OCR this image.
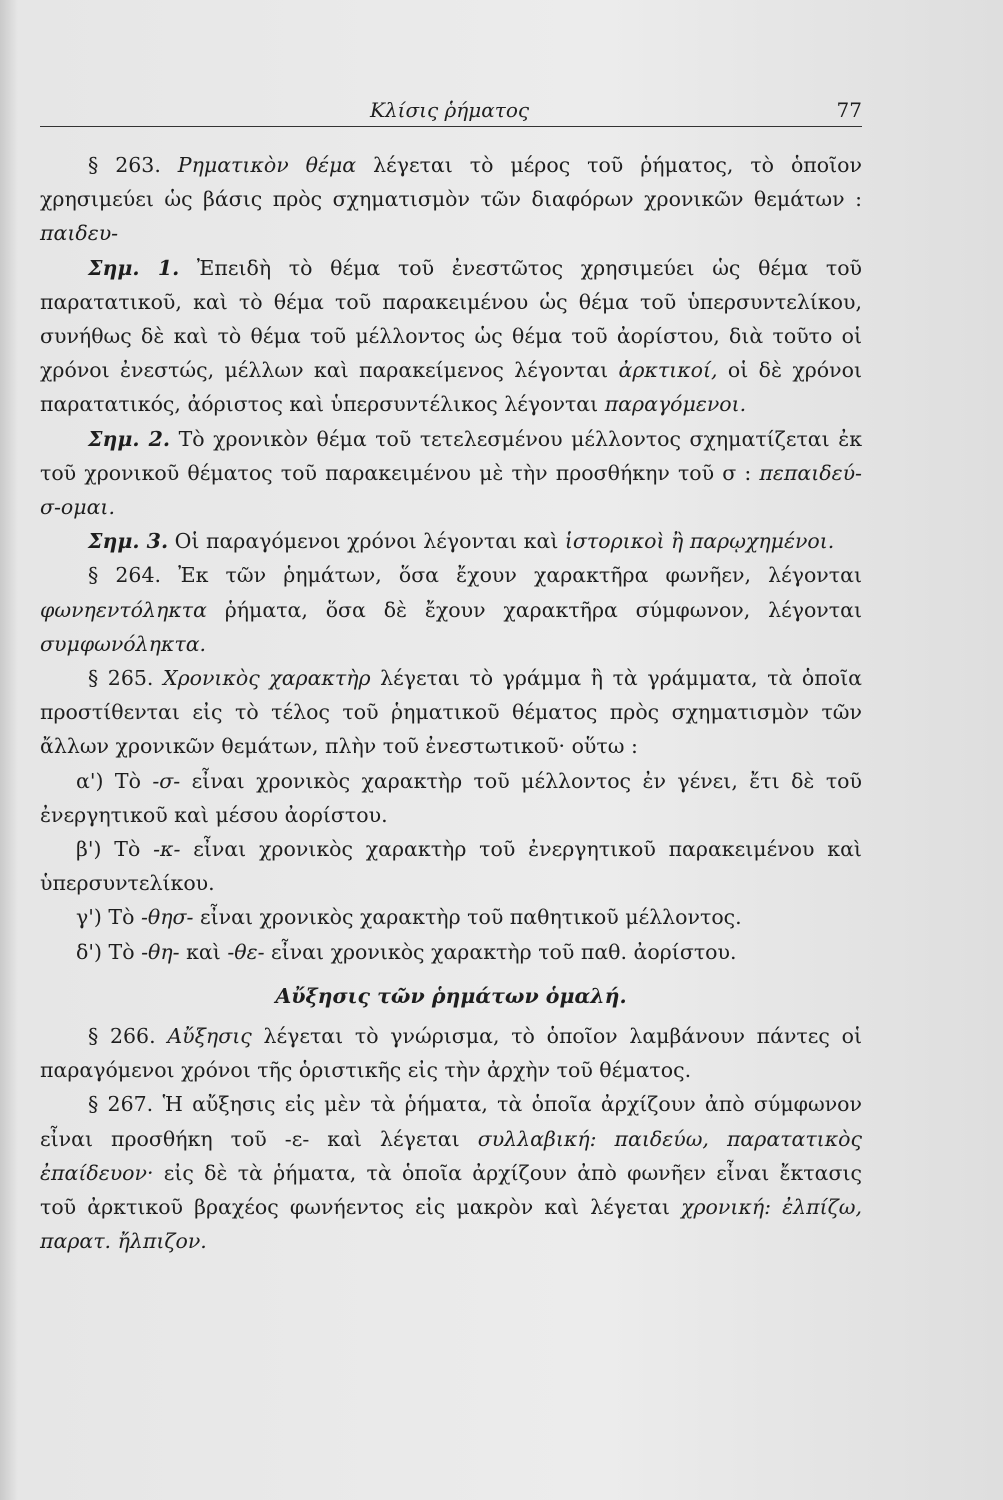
Κλίσις ῥήματος	77

§ 263. Ρηματικὸν θέμα λέγεται τὸ μέρος τοῦ ῥήματος, τὸ ὁποῖον χρησιμεύει ὡς βάσις πρὸς σχηματισμὸν τῶν διαφόρων χρονικῶν θεμάτων : παιδευ-

Σημ. 1. Ἐπειδὴ τὸ θέμα τοῦ ἐνεστῶτος χρησιμεύει ὡς θέμα τοῦ παρατατικοῦ, καὶ τὸ θέμα τοῦ παρακειμένου ὡς θέμα τοῦ ὑπερσυντελίκου, συνήθως δὲ καὶ τὸ θέμα τοῦ μέλλοντος ὡς θέμα τοῦ ἀορίστου, διὰ τοῦτο οἱ χρόνοι ἐνεστώς, μέλλων καὶ παρακείμενος λέγονται ἀρκτικοί, οἱ δὲ χρόνοι παρατατικός, ἀόριστος καὶ ὑπερσυντέλικος λέγονται παραγόμενοι.

Σημ. 2. Τὸ χρονικὸν θέμα τοῦ τετελεσμένου μέλλοντος σχηματίζεται ἐκ τοῦ χρονικοῦ θέματος τοῦ παρακειμένου μὲ τὴν προσθήκην τοῦ σ : πεπαιδεύ-σ-ομαι.

Σημ. 3. Οἱ παραγόμενοι χρόνοι λέγονται καὶ ἱστορικοὶ ἢ παρῳχημένοι.

§ 264. Ἐκ τῶν ῥημάτων, ὅσα ἔχουν χαρακτῆρα φωνῆεν, λέγονται φωνηεντόληκτα ῥήματα, ὅσα δὲ ἔχουν χαρακτῆρα σύμφωνον, λέγονται συμφωνόληκτα.

§ 265. Χρονικὸς χαρακτὴρ λέγεται τὸ γράμμα ἢ τὰ γράμματα, τὰ ὁποῖα προστίθενται εἰς τὸ τέλος τοῦ ῥηματικοῦ θέματος πρὸς σχηματισμὸν τῶν ἄλλων χρονικῶν θεμάτων, πλὴν τοῦ ἐνεστωτικοῦ· οὕτω :

α') Τὸ -σ- εἶναι χρονικὸς χαρακτὴρ τοῦ μέλλοντος ἐν γένει, ἔτι δὲ τοῦ ἐνεργητικοῦ καὶ μέσου ἀορίστου.

β') Τὸ -κ- εἶναι χρονικὸς χαρακτὴρ τοῦ ἐνεργητικοῦ παρακειμένου καὶ ὑπερσυντελίκου.

γ') Τὸ -θησ- εἶναι χρονικὸς χαρακτὴρ τοῦ παθητικοῦ μέλλοντος.

δ') Τὸ -θη- καὶ -θε- εἶναι χρονικὸς χαρακτὴρ τοῦ παθ. ἀορίστου.

Αὔξησις τῶν ῥημάτων ὁμαλή.

§ 266. Αὔξησις λέγεται τὸ γνώρισμα, τὸ ὁποῖον λαμβάνουν πάντες οἱ παραγόμενοι χρόνοι τῆς ὁριστικῆς εἰς τὴν ἀρχὴν τοῦ θέματος.

§ 267. Ἡ αὔξησις εἰς μὲν τὰ ῥήματα, τὰ ὁποῖα ἀρχίζουν ἀπὸ σύμφωνον εἶναι προσθήκη τοῦ -ε- καὶ λέγεται συλλαβική: παιδεύω, παρατατικὸς ἐπαίδευον· εἰς δὲ τὰ ῥήματα, τὰ ὁποῖα ἀρχίζουν ἀπὸ φωνῆεν εἶναι ἔκτασις τοῦ ἀρκτικοῦ βραχέος φωνήεντος εἰς μακρὸν καὶ λέγεται χρονική: ἐλπίζω, παρατ. ἤλπιζον.
